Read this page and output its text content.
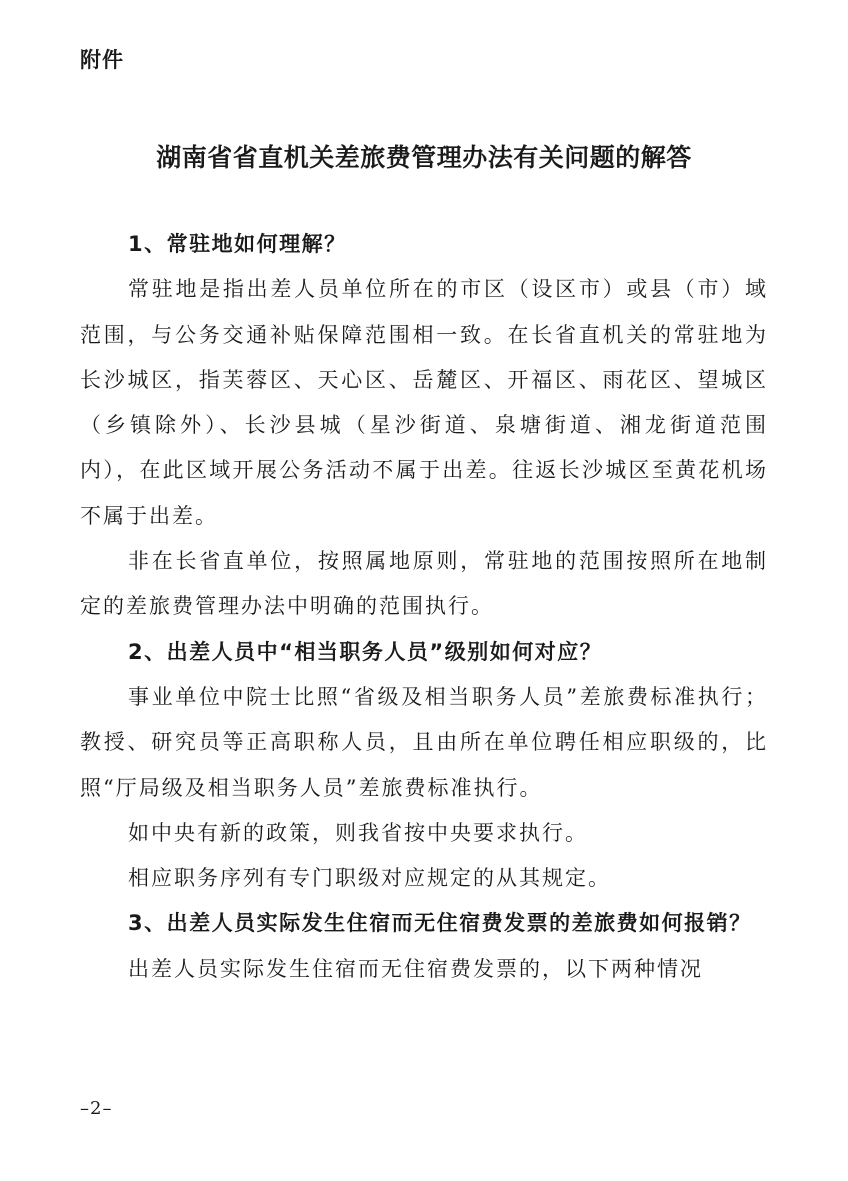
附件
湖南省省直机关差旅费管理办法有关问题的解答

1、常驻地如何理解？

常驻地是指出差人员单位所在的市区（设区市）或县（市）域范围，与公务交通补贴保障范围相一致。在长省直机关的常驻地为长沙城区，指芙蓉区、天心区、岳麓区、开福区、雨花区、望城区（乡镇除外）、长沙县城（星沙街道、泉塘街道、湘龙街道范围内），在此区域开展公务活动不属于出差。往返长沙城区至黄花机场不属于出差。

非在长省直单位，按照属地原则，常驻地的范围按照所在地制定的差旅费管理办法中明确的范围执行。

2、出差人员中“相当职务人员”级别如何对应？

事业单位中院士比照“省级及相当职务人员”差旅费标准执行；教授、研究员等正高职称人员，且由所在单位聘任相应职级的，比照“厅局级及相当职务人员”差旅费标准执行。

如中央有新的政策，则我省按中央要求执行。

相应职务序列有专门职级对应规定的从其规定。

3、出差人员实际发生住宿而无住宿费发票的差旅费如何报销？

出差人员实际发生住宿而无住宿费发票的，以下两种情况

–2–
